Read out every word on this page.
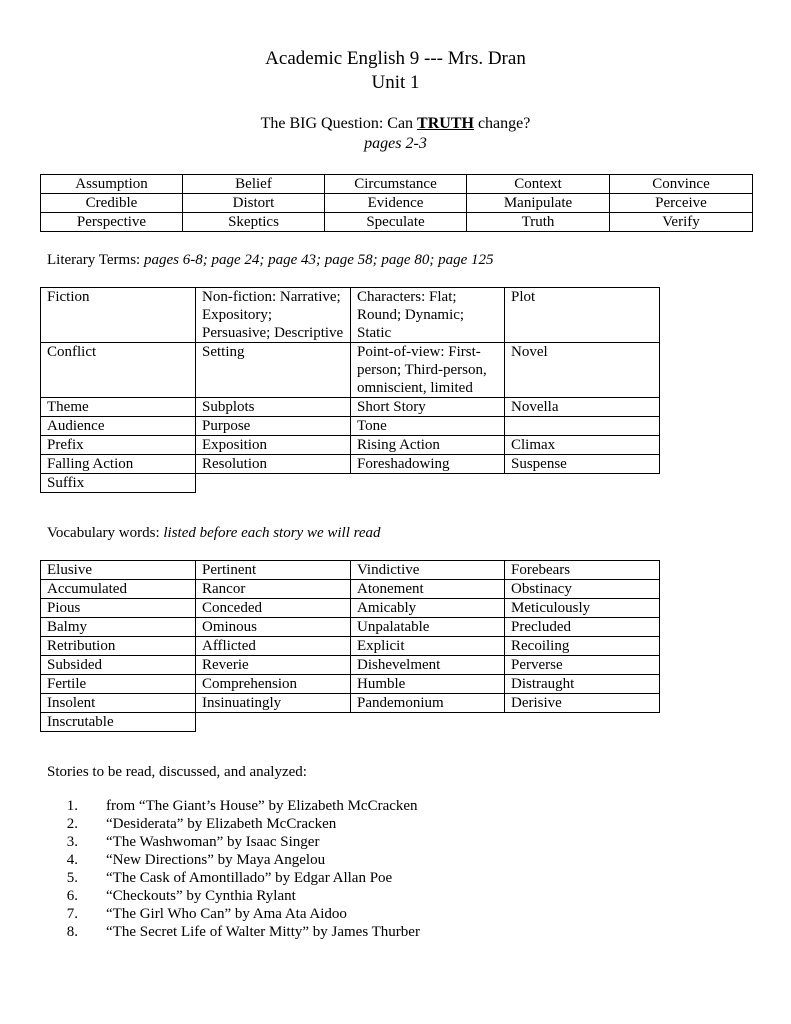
Academic English 9 --- Mrs. Dran
Unit 1
The BIG Question: Can TRUTH change?
pages 2-3
Assumption	Belief	Circumstance	Context	Convince
Credible	Distort	Evidence	Manipulate	Perceive
Perspective	Skeptics	Speculate	Truth	Verify
Literary Terms: pages 6-8; page 24; page 43; page 58; page 80; page 125
Fiction	Non-fiction: Narrative; Expository; Persuasive; Descriptive	Characters: Flat; Round; Dynamic; Static	Plot
Conflict	Setting	Point-of-view: First-person; Third-person, omniscient, limited	Novel
Theme	Subplots	Short Story	Novella
Audience	Purpose	Tone	
Prefix	Exposition	Rising Action	Climax
Falling Action	Resolution	Foreshadowing	Suspense
Suffix			
Vocabulary words: listed before each story we will read
Elusive	Pertinent	Vindictive	Forebears
Accumulated	Rancor	Atonement	Obstinacy
Pious	Conceded	Amicably	Meticulously
Balmy	Ominous	Unpalatable	Precluded
Retribution	Afflicted	Explicit	Recoiling
Subsided	Reverie	Dishevelment	Perverse
Fertile	Comprehension	Humble	Distraught
Insolent	Insinuatingly	Pandemonium	Derisive
Inscrutable			
Stories to be read, discussed, and analyzed:
1. from “The Giant’s House” by Elizabeth McCracken
2. “Desiderata” by Elizabeth McCracken
3. “The Washwoman” by Isaac Singer
4. “New Directions” by Maya Angelou
5. “The Cask of Amontillado” by Edgar Allan Poe
6. “Checkouts” by Cynthia Rylant
7. “The Girl Who Can” by Ama Ata Aidoo
8. “The Secret Life of Walter Mitty” by James Thurber
